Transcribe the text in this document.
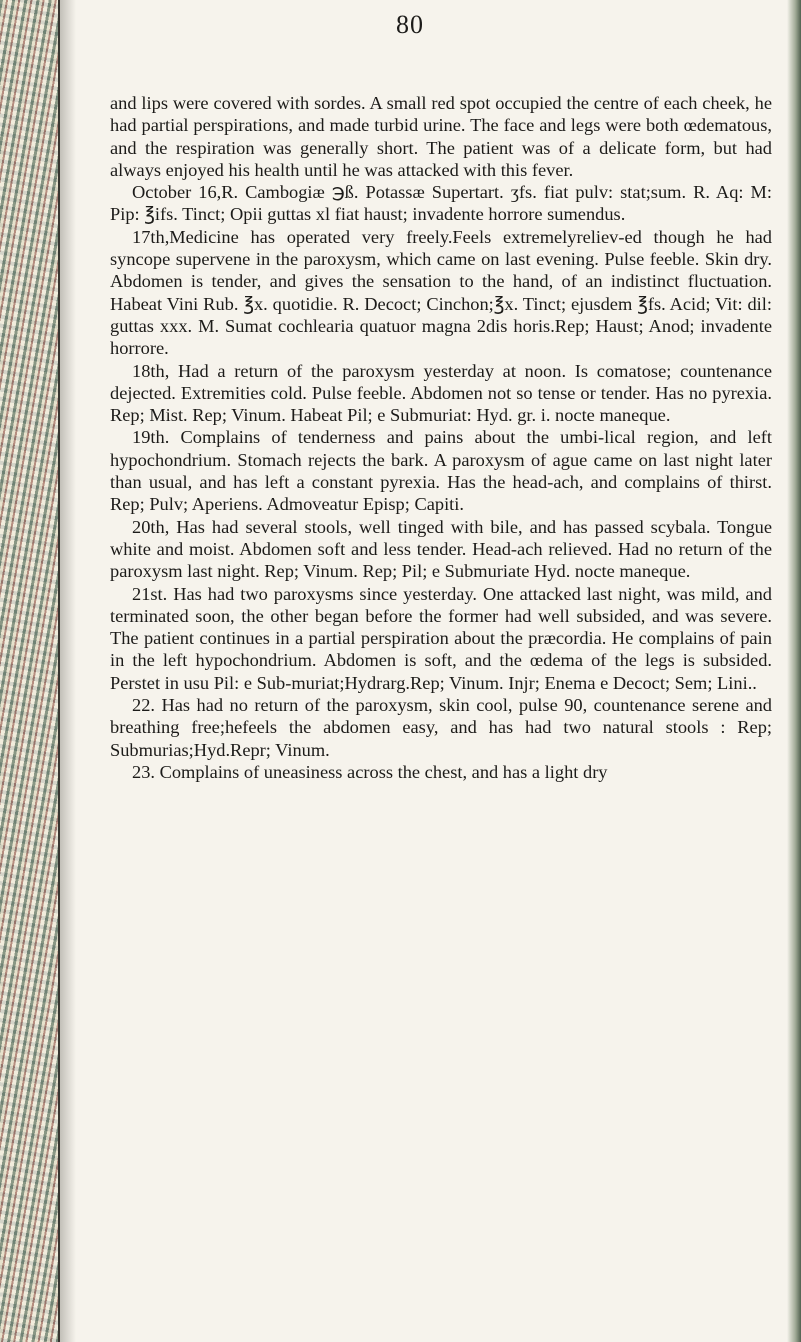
80

and lips were covered with sordes. A small red spot occupied the centre of each cheek, he had partial perspirations, and made turbid urine. The face and legs were both œdematous, and the respiration was generally short. The patient was of a delicate form, but had always enjoyed his health until he was attacked with this fever.

October 16,R. Cambogiæ ℈ß. Potassæ Supertart. ʒfs. fiat pulv: stat;sum. R. Aq: M: Pip: ℥ifs. Tinct; Opii guttas xl fiat haust; invadente horrore sumendus.

17th,Medicine has operated very freely.Feels extremelyreliev-ed though he had syncope supervene in the paroxysm, which came on last evening. Pulse feeble. Skin dry. Abdomen is tender, and gives the sensation to the hand, of an indistinct fluctuation. Habeat Vini Rub. ℥x. quotidie. R. Decoct; Cinchon;℥x. Tinct; ejusdem ℥fs. Acid; Vit: dil: guttas xxx. M. Sumat cochlearia quatuor magna 2dis horis.Rep; Haust; Anod; invadente horrore.

18th, Had a return of the paroxysm yesterday at noon. Is comatose; countenance dejected. Extremities cold. Pulse feeble. Abdomen not so tense or tender. Has no pyrexia. Rep; Mist. Rep; Vinum. Habeat Pil; e Submuriat: Hyd. gr. i. nocte maneque.

19th. Complains of tenderness and pains about the umbi-lical region, and left hypochondrium. Stomach rejects the bark. A paroxysm of ague came on last night later than usual, and has left a constant pyrexia. Has the head-ach, and complains of thirst. Rep; Pulv; Aperiens. Admoveatur Episp; Capiti.

20th, Has had several stools, well tinged with bile, and has passed scybala. Tongue white and moist. Abdomen soft and less tender. Head-ach relieved. Had no return of the paroxysm last night. Rep; Vinum. Rep; Pil; e Submuriate Hyd. nocte maneque.

21st. Has had two paroxysms since yesterday. One attacked last night, was mild, and terminated soon, the other began before the former had well subsided, and was severe. The patient continues in a partial perspiration about the præcordia. He complains of pain in the left hypochondrium. Abdomen is soft, and the œdema of the legs is subsided. Perstet in usu Pil: e Sub-muriat;Hydrarg.Rep; Vinum. Injr; Enema e Decoct; Sem; Lini..

22. Has had no return of the paroxysm, skin cool, pulse 90, countenance serene and breathing free;hefeels the abdomen easy, and has had two natural stools : Rep; Submurias;Hyd.Repr; Vinum.

23. Complains of uneasiness across the chest, and has a light dry
